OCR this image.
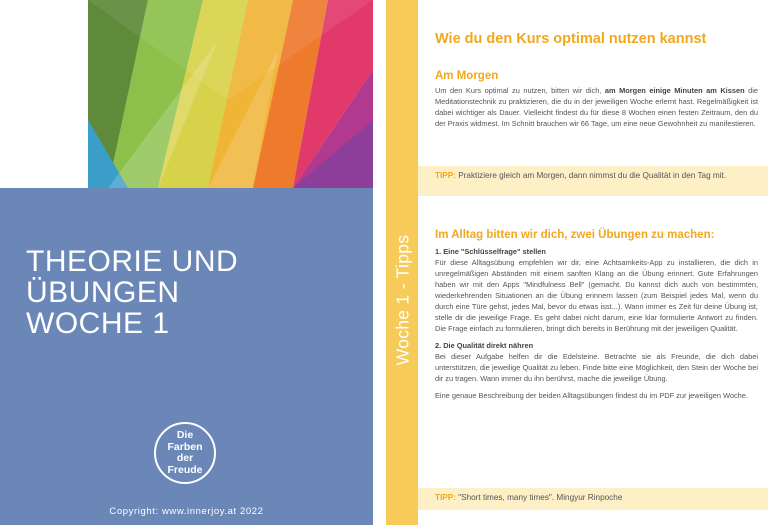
THEORIE UND
ÜBUNGEN
WOCHE 1
Die
Farben
der
Freude
Copyright: www.innerjoy.at 2022
Woche 1 - Tipps
Wie du den Kurs optimal nutzen kannst
Am Morgen
Um den Kurs optimal zu nutzen, bitten wir dich, am Morgen einige Minuten am Kissen die Meditationstechnik zu praktizieren, die du in der jeweiligen Woche erlernt hast. Regelmäßigkeit ist dabei wichtiger als Dauer. Vielleicht findest du für diese 8 Wochen einen festen Zeitraum, den du der Praxis widmest. Im Schnitt brauchen wir 66 Tage, um eine neue Gewohnheit zu manifestieren.
TIPP: Praktiziere gleich am Morgen, dann nimmst du die Qualität in den Tag mit.
Im Alltag bitten wir dich, zwei Übungen zu machen:
1. Eine "Schlüsselfrage" stellen
Für diese Alltagsübung empfehlen wir dir, eine Achtsamkeits-App zu installieren, die dich in unregelmäßigen Abständen mit einem sanften Klang an die Übung erinnert. Gute Erfahrungen haben wir mit den Apps "Mindfulness Bell" (gemacht. Du kannst dich auch von bestimmten, wiederkehrenden Situationen an die Übung erinnern lassen (zum Beispiel jedes Mal, wenn du durch eine Türe gehst, jedes Mal, bevor du etwas isst...). Wann immer es Zeit für deine Übung ist, stelle dir die jeweilige Frage. Es geht dabei nicht darum, eine klar formulierte Antwort zu finden. Die Frage einfach zu formulieren, bringt dich bereits in Berührung mit der jeweiligen Qualität.
2. Die Qualität direkt nähren
Bei dieser Aufgabe helfen dir die Edelsteine. Betrachte sie als Freunde, die dich dabei unterstützen, die jeweilige Qualität zu leben. Finde bitte eine Möglichkeit, den Stein der Woche bei dir zu tragen. Wann immer du ihn berührst, mache die jeweilige Übung.
Eine genaue Beschreibung der beiden Alltagsübungen findest du im PDF zur jeweiligen Woche.
TIPP: "Short times, many times". Mingyur Rinpoche
